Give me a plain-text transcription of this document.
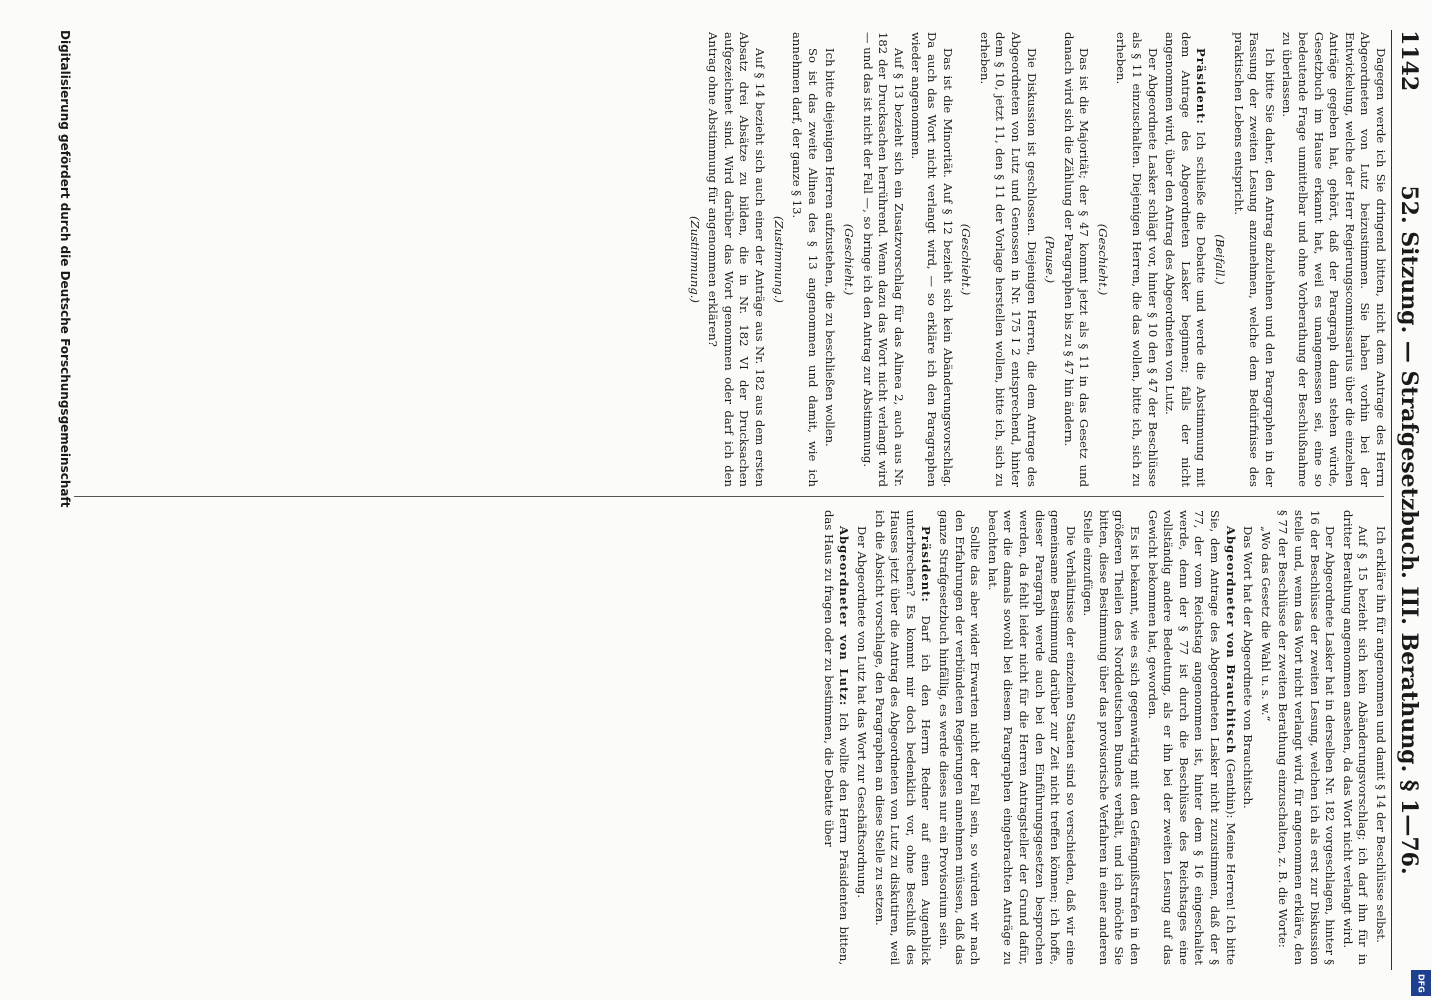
1142
52. Sitzung. — Strafgesetzbuch. III. Berathung. § 1—76.

Dagegen werde ich Sie dringend bitten, nicht dem Antrage des Herrn Abgeordneten von Lutz beizustimmen. Sie haben vorhin bei der Entwickelung, welche der Herr Regierungscommissarius über die einzelnen Anträge gegeben hat, gehört, daß der Paragraph dann stehen würde, Gesetzbuch im Hause erkannt hat, weil es unangemessen sei, eine so bedeutende Frage unmittelbar und ohne Vorberathung der Beschlußnahme zu überlassen.

Ich bitte Sie daher, den Antrag abzulehnen und den Paragraphen in der Fassung der zweiten Lesung anzunehmen, welche dem Bedürfnisse des praktischen Lebens entspricht.

(Beifall.)

Präsident: Ich schließe die Debatte und werde die Abstimmung mit dem Antrage des Abgeordneten Lasker beginnen; falls der nicht angenommen wird, über den Antrag des Abgeordneten von Lutz.

Der Abgeordnete Lasker schlägt vor, hinter § 10 den § 47 der Beschlüsse als § 11 einzuschalten. Diejenigen Herren, die das wollen, bitte ich, sich zu erheben.

(Geschieht.)

Das ist die Majorität; der § 47 kommt jetzt als § 11 in das Gesetz und danach wird sich die Zählung der Paragraphen bis zu § 47 hin ändern.

(Pause.)

Die Diskussion ist geschlossen. Diejenigen Herren, die dem Antrage des Abgeordneten von Lutz und Genossen in Nr. 175 I 2 entsprechend, hinter dem § 10, jetzt 11, den § 11 der Vorlage herstellen wollen, bitte ich, sich zu erheben.

(Geschieht.)

Das ist die Minorität. Auf § 12 bezieht sich kein Abänderungsvorschlag. Da auch das Wort nicht verlangt wird, — so erkläre ich den Paragraphen wieder angenommen.

Auf § 13 bezieht sich ein Zusatzvorschlag für das Alinea 2, auch aus Nr. 182 der Drucksachen herrührend. Wenn dazu das Wort nicht verlangt wird — und das ist nicht der Fall —, so bringe ich den Antrag zur Abstimmung.

(Geschieht.)

Ich bitte diejenigen Herren aufzustehen, die zu beschließen wollen.

So ist das zweite Alinea des § 13 angenommen und damit, wie ich annehmen darf, der ganze § 13.

(Zustimmung.)

Auf § 14 bezieht sich auch einer der Anträge aus Nr. 182 aus dem ersten Absatz drei Absätze zu bilden, die in Nr. 182 VI der Drucksachen aufgezeichnet sind. Wird darüber das Wort genommen oder darf ich den Antrag ohne Abstimmung für angenommen erklären?

(Zustimmung.)

Ich erkläre ihn für angenommen und damit § 14 der Beschlüsse selbst.

Auf § 15 bezieht sich kein Abänderungsvorschlag; ich darf ihn für in dritter Berathung angenommen ansehen, da das Wort nicht verlangt wird.

Der Abgeordnete Lasker hat in derselben Nr. 182 vorgeschlagen, hinter § 16 der Beschlüsse der zweiten Lesung, welchen ich als erst zur Diskussion stelle und, wenn das Wort nicht verlangt wird, für angenommen erkläre, den § 77 der Beschlüsse der zweiten Berathung einzuschalten, z. B. die Worte:

„Wo das Gesetz die Wahl u. s. w.“

Das Wort hat der Abgeordnete von Brauchitsch.

Abgeordneter von Brauchitsch (Genthin): Meine Herren! Ich bitte Sie, dem Antrage des Abgeordneten Lasker nicht zuzustimmen, daß der § 77, der vom Reichstag angenommen ist, hinter dem § 16 eingeschaltet werde, denn der § 77 ist durch die Beschlüsse des Reichstages eine vollständig andere Bedeutung, als er ihn bei der zweiten Lesung auf das Gewicht bekommen hat, geworden.

Es ist bekannt, wie es sich gegenwärtig mit den Gefängnißstrafen in den größeren Theilen des Norddeutschen Bundes verhält, und ich möchte Sie bitten, diese Bestimmung über das provisorische Verfahren in einer anderen Stelle einzufügen.

Die Verhältnisse der einzelnen Staaten sind so verschieden, daß wir eine gemeinsame Bestimmung darüber zur Zeit nicht treffen können; ich hoffe, dieser Paragraph werde auch bei den Einführungsgesetzen besprochen werden, da fehlt leider nicht für die Herren Antragsteller der Grund dafür, wer die damals sowohl bei diesem Paragraphen eingebrachten Anträge zu beachten hat.

Sollte das aber wider Erwarten nicht der Fall sein, so würden wir nach den Erfahrungen der verbündeten Regierungen annehmen müssen, daß das ganze Strafgesetzbuch hinfällig, es werde dieses nur ein Provisorium sein.

Präsident: Darf ich den Herrn Redner auf einen Augenblick unterbrechen? Es kommt mir doch bedenklich vor, ohne Beschluß des Hauses jetzt über die Antrag des Abgeordneten von Lutz zu diskutiren, weil ich die Absicht vorschlage, den Paragraphen an diese Stelle zu setzen.

Der Abgeordnete von Lutz hat das Wort zur Geschäftsordnung.

Abgeordneter von Lutz: Ich wollte den Herrn Präsidenten bitten, das Haus zu fragen oder zu bestimmen, die Debatte über

Digitalisierung gefördert durch die Deutsche Forschungsgemeinschaft
DFG
